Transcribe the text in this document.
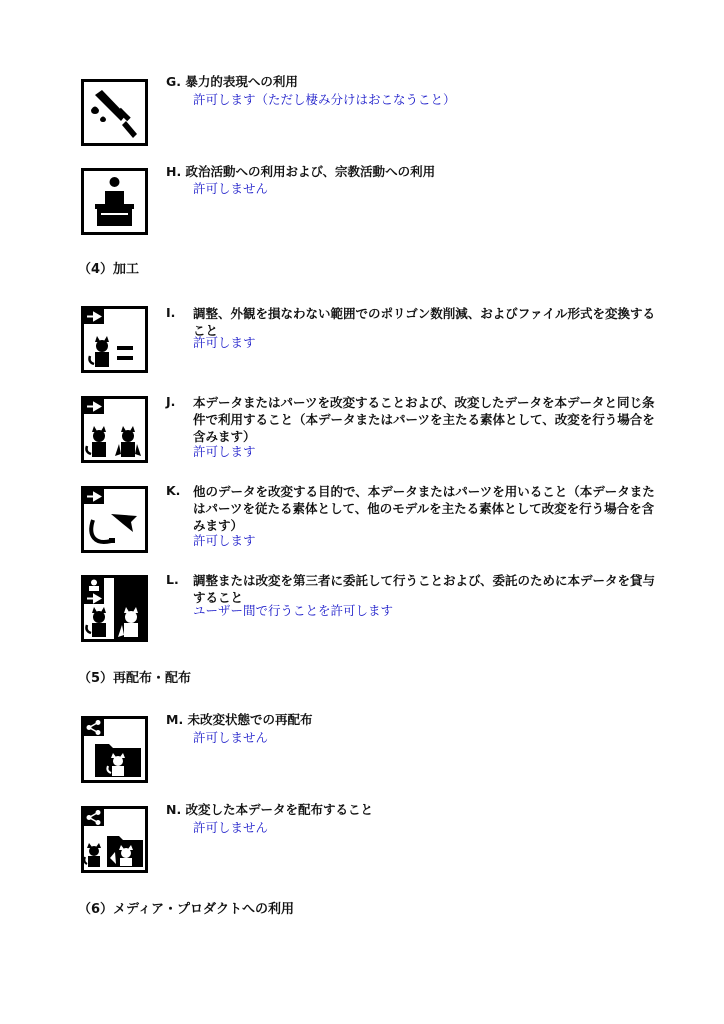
G. 暴力的表現への利用
許可します（ただし棲み分けはおこなうこと）
H. 政治活動への利用および、宗教活動への利用
許可しません
（4）加工
I. 調整、外観を損なわない範囲でのポリゴン数削減、およびファイル形式を変換すること
許可します
J. 本データまたはパーツを改変することおよび、改変したデータを本データと同じ条件で利用すること（本データまたはパーツを主たる素体として、改変を行う場合を含みます）
許可します
K. 他のデータを改変する目的で、本データまたはパーツを用いること（本データまたはパーツを従たる素体として、他のモデルを主たる素体として改変を行う場合を含みます）
許可します
L. 調整または改変を第三者に委託して行うことおよび、委託のために本データを貸与すること
ユーザー間で行うことを許可します
（5）再配布・配布
M. 未改変状態での再配布
許可しません
N. 改変した本データを配布すること
許可しません
（6）メディア・プロダクトへの利用
